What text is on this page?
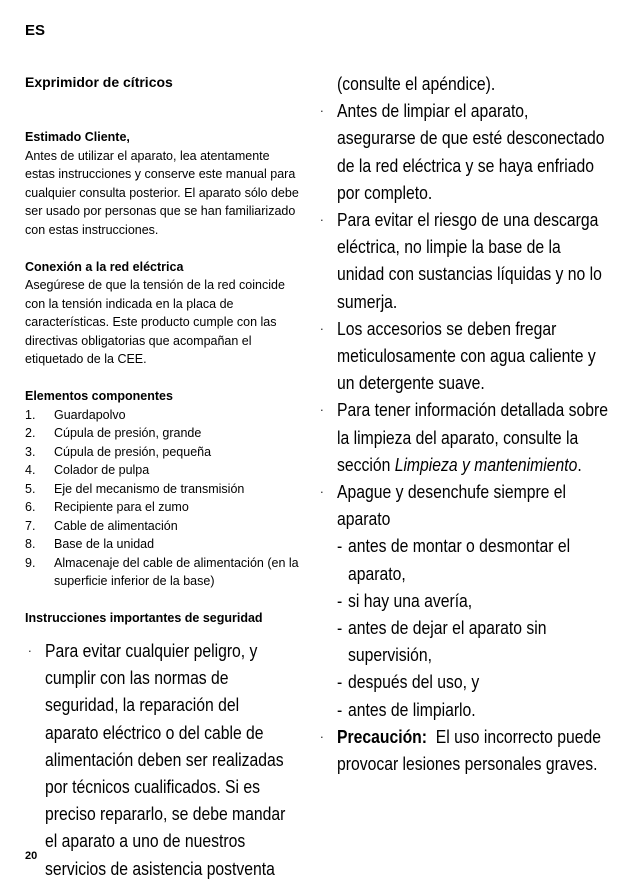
ES
Exprimidor de cítricos
Estimado Cliente,

Antes de utilizar el aparato, lea atentamente estas instrucciones y conserve este manual para cualquier consulta posterior. El aparato sólo debe ser usado por personas que se han familiarizado con estas instrucciones.

Conexión a la red eléctrica

Asegúrese de que la tensión de la red coincide con la tensión indicada en la placa de características. Este producto cumple con las directivas obligatorias que acompañan el etiquetado de la CEE.

Elementos componentes
1.	Guardapolvo
2.	Cúpula de presión, grande
3.	Cúpula de presión, pequeña
4.	Colador de pulpa
5.	Eje del mecanismo de transmisión
6.	Recipiente para el zumo
7.	Cable de alimentación
8.	Base de la unidad
9.	Almacenaje del cable de alimentación (en la superficie inferior de la base)
Instrucciones importantes de seguridad
· Para evitar cualquier peligro, y cumplir con las normas de seguridad, la reparación del aparato eléctrico o del cable de alimentación deben ser realizadas por técnicos cualificados. Si es preciso repararlo, se debe mandar el aparato a uno de nuestros servicios de asistencia postventa
(consulte el apéndice).
· Antes de limpiar el aparato, asegurarse de que esté desconectado de la red eléctrica y se haya enfriado por completo.
· Para evitar el riesgo de una descarga eléctrica, no limpie la base de la unidad con sustancias líquidas y no lo sumerja.
· Los accesorios se deben fregar meticulosamente con agua caliente y un detergente suave.
· Para tener información detallada sobre la limpieza del aparato, consulte la sección Limpieza y mantenimiento.
· Apague y desenchufe siempre el aparato
- antes de montar o desmontar el aparato,
- si hay una avería,
- antes de dejar el aparato sin supervisión,
- después del uso, y
- antes de limpiarlo.
· Precaución: El uso incorrecto puede provocar lesiones personales graves.
20
